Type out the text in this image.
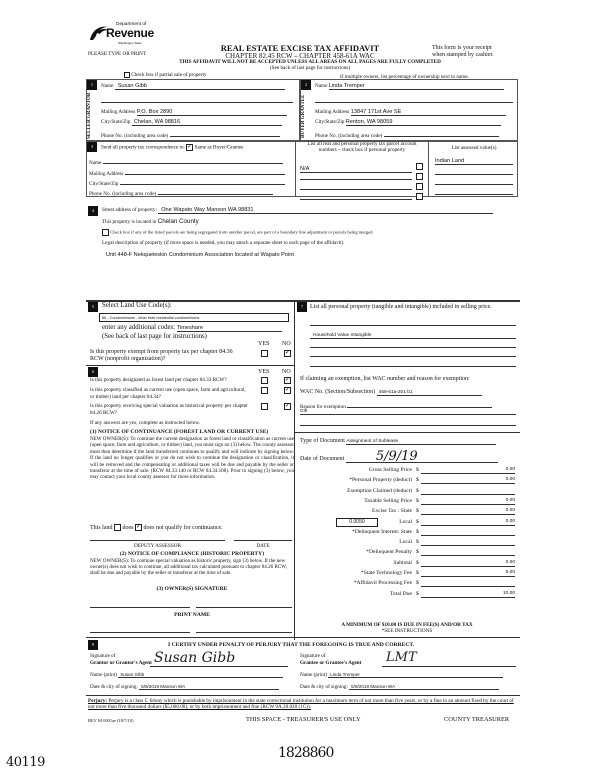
Department of
Revenue
Washington State
PLEASE TYPE OR PRINT
REAL ESTATE EXCISE TAX AFFIDAVIT
CHAPTER 82.45 RCW – CHAPTER 458-61A WAC
THIS AFFIDAVIT WILL NOT BE ACCEPTED UNLESS ALL AREAS ON ALL PAGES ARE FULLY COMPLETED
(See back of last page for instructions)
This form is your receipt
when stamped by cashier.
Check box if partial sale of property	If multiple owners, list percentage of ownership next to name.
1
SELLER GRANTOR
Name Susan Gibb
Mailing Address P.O. Box 2890
City/State/Zip Chelan, WA 98816
Phone No. (including area code)
2
BUYER GRANTEE
Name Linda Tremper
Mailing Address 13847 171st Ave SE
City/State/Zip Renton, WA 98059
Phone No. (including area code)
3	Send all property tax correspondence to: ✓ Same as Buyer/Grantee
Name
Mailing Address
City/State/Zip
Phone No. (including area code)
List all real and personal property tax parcel account numbers – check box if personal property
N/A

List assessed value(s)
Indian Land
4	Street address of property: One Wapato Way Manson WA 98831
This property is located in Chelan County
Check box if any of the listed parcels are being segregated from another parcel, are part of a boundary line adjustment or parcels being merged.
Legal description of property (if more space is needed, you may attach a separate sheet to each page of the affidavit)
Unit 448-F Nekqueleskin Condominium Association located at Wapato Point
5	Select Land Use Code(s):
56 - Condominiums - other than residential condominiums
enter any additional codes: Timeshare
(See back of last page for instructions)
YES NO
Is this property exempt from property tax per chapter 84.36 RCW (nonprofit organization)?
✓
6	YES NO
Is this property designated as forest land per chapter 84.33 RCW?	✓
Is this property classified as current use (open space, farm and agricultural, or timber) land per chapter 84.34?
✓
Is this property receiving special valuation as historical property per chapter 84.26 RCW?
✓
If any answers are yes, complete as instructed below.
(1) NOTICE OF CONTINUANCE (FOREST LAND OR CURRENT USE)
NEW OWNER(S): To continue the current designation as forest land or classification as current use (open space, farm and agriculture, or timber) land, you must sign on (3) below. The county assessor must then determine if the land transferred continues to qualify and will indicate by signing below. If the land no longer qualifies or you do not wish to continue the designation or classification, it will be removed and the compensating or additional taxes will be due and payable by the seller or transferor at the time of sale. (RCW 84.33.140 or RCW 84.34.108). Prior to signing (3) below, you may contact your local county assessor for more information.
This land does ✓ does not qualify for continuance.
DEPUTY ASSESSOR	DATE
(2) NOTICE OF COMPLIANCE (HISTORIC PROPERTY)
NEW OWNER(S): To continue special valuation as historic property, sign (3) below. If the new owner(s) does not wish to continue, all additional tax calculated pursuant to chapter 84.26 RCW, shall be due and payable by the seller or transferor at the time of sale.
(3) OWNER(S) SIGNATURE
PRINT NAME
7	List all personal property (tangible and intangible) included in selling price.
Household Value Intangible
If claiming an exemption, list WAC number and reason for exemption:
WAC No. (Section/Subsection) 458-61a-201 b1
Reason for exemption
Gift
Type of Document Assignment of Sublease
Date of Document 5/9/19
Gross Selling Price $	0.00
*Personal Property (deduct) $	0.00
Exemption Claimed (deduct) $
Taxable Selling Price $	0.00
Excise Tax : State $	0.00
0.0050	Local $	0.00
*Delinquent Interest: State $
Local $
*Delinquent Penalty $
Subtotal $	0.00
*State Technology Fee $	5.00
*Affidavit Processing Fee $
Total Due $	10.00
A MINIMUM OF $10.00 IS DUE IN FEE(S) AND/OR TAX
*SEE INSTRUCTIONS
8	I CERTIFY UNDER PENALTY OF PERJURY THAT THE FOREGOING IS TRUE AND CORRECT.
Signature of
Grantor or Grantor's Agent Susan Gibb
Name (print) Susan Gibb
Date & city of signing: 5/9/2019 Manson WA
Signature of
Grantee or Grantee's Agent	LMT
Name (print) Linda Tremper
Date & city of signing: 5/9/2019 Manson WA
Perjury: Perjury is a class C felony which is punishable by imprisonment in the state correctional institution for a maximum term of not more than five years, or by a fine in an amount fixed by the court of not more than five thousand dollars ($5,000.00), or by both imprisonment and fine (RCW 9A.20.020 (1C)).
REV 84 0001ae (10/7/10)	THIS SPACE - TREASURER'S USE ONLY	COUNTY TREASURER
40119
1828860
